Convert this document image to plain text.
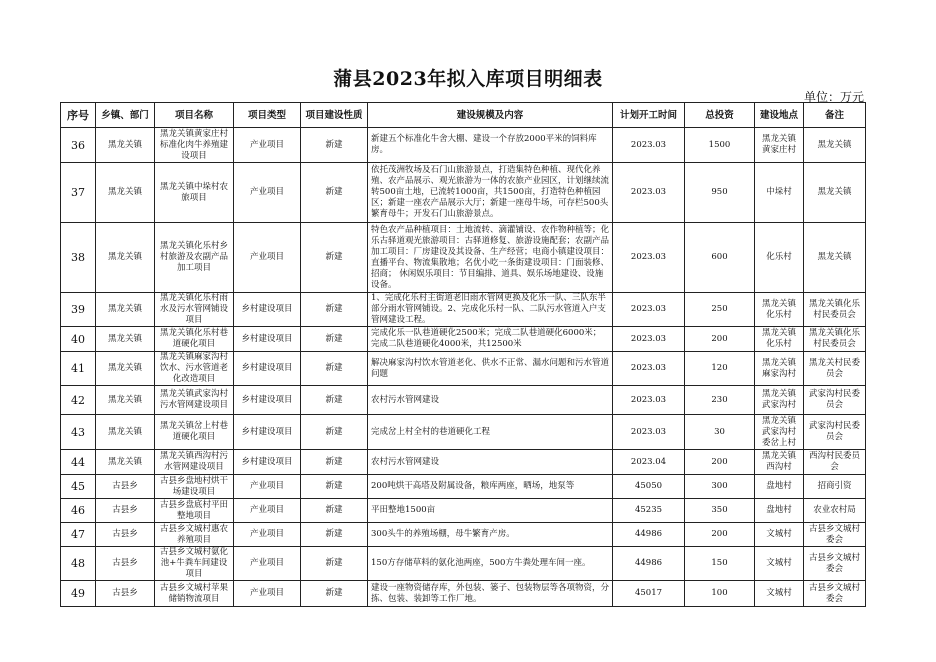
蒲县2023年拟入库项目明细表
单位：万元
序号	乡镇、部门	项目名称	项目类型	项目建设性质	建设规模及内容	计划开工时间	总投资	建设地点	备注
36	黑龙关镇	黑龙关镇黄家庄村标准化肉牛养殖建设项目	产业项目	新建	新建五个标准化牛舍大棚、建设一个存放2000平米的饲料库房。	2023.03	1500	黑龙关镇黄家庄村	黑龙关镇
37	黑龙关镇	黑龙关镇中垛村农旅项目	产业项目	新建	依托茂洲牧场及石门山旅游景点，打造集特色种植、现代化养殖、农产品展示、观光旅游为一体的农旅产业园区，计划继续流转500亩土地，已流转1000亩，共1500亩，打造特色种植园区；新建一座农产品展示大厅；新建一座母牛场，可存栏500头繁育母牛；开发石门山旅游景点。	2023.03	950	中垛村	黑龙关镇
38	黑龙关镇	黑龙关镇化乐村乡村旅游及农副产品加工项目	产业项目	新建	特色农产品种植项目：土地流转、滴灌铺设、农作物种植等；化乐古驿道观光旅游项目：古驿道修复、旅游设施配套；农副产品加工项目：厂房建设及其设备、生产经营；电商小镇建设项目：直播平台、物流集散地；名优小吃一条街建设项目：门面装修、招商； 休闲娱乐项目：节目编排、道具、娱乐场地建设、设施设备。	2023.03	600	化乐村	黑龙关镇
39	黑龙关镇	黑龙关镇化乐村雨水及污水管网铺设项目	乡村建设项目	新建	1、完成化乐村主街道老旧雨水管网更换及化乐一队、三队东半部分雨水管网铺设。2、完成化乐村一队、二队污水管道入户支管网建设工程。	2023.03	250	黑龙关镇化乐村	黑龙关镇化乐村民委员会
40	黑龙关镇	黑龙关镇化乐村巷道硬化项目	乡村建设项目	新建	完成化乐一队巷道硬化2500米；完成二队巷道硬化6000米；完成二队巷道硬化4000米，共12500米	2023.03	200	黑龙关镇化乐村	黑龙关镇化乐村民委员会
41	黑龙关镇	黑龙关镇麻家沟村饮水、污水管道老化改造项目	乡村建设项目	新建	解决麻家沟村饮水管道老化、供水不正常、漏水问题和污水管道问题	2023.03	120	黑龙关镇麻家沟村	黑龙关村民委员会
42	黑龙关镇	黑龙关镇武家沟村污水管网建设项目	乡村建设项目	新建	农村污水管网建设	2023.03	230	黑龙关镇武家沟村	武家沟村民委员会
43	黑龙关镇	黑龙关镇岔上村巷道硬化项目	乡村建设项目	新建	完成岔上村全村的巷道硬化工程	2023.03	30	黑龙关镇武家沟村委岔上村	武家沟村民委员会
44	黑龙关镇	黑龙关镇西沟村污水管网建设项目	乡村建设项目	新建	农村污水管网建设	2023.04	200	黑龙关镇西沟村	西沟村民委员会
45	古县乡	古县乡盘地村烘干场建设项目	产业项目	新建	200吨烘干高塔及附属设备，粮库两座，晒场，地泵等	45050	300	盘地村	招商引资
46	古县乡	古县乡盘底村平田整地项目	产业项目	新建	平田整地1500亩	45235	350	盘地村	农业农村局
47	古县乡	古县乡文城村惠农养殖项目	产业项目	新建	300头牛的养殖场棚，母牛繁育产房。	44986	200	文城村	古县乡文城村委会
48	古县乡	古县乡文城村氨化池+牛粪车间建设项目	产业项目	新建	150方存储草料的氨化池两座，500方牛粪处理车间一座。	44986	150	文城村	古县乡文城村委会
49	古县乡	古县乡文城村苹果储销物流项目	产业项目	新建	建设一座物资储存库，外包装、篓子、包装物层等各项物资，分拣、包装、装卸等工作厂地。	45017	100	文城村	古县乡文城村委会
